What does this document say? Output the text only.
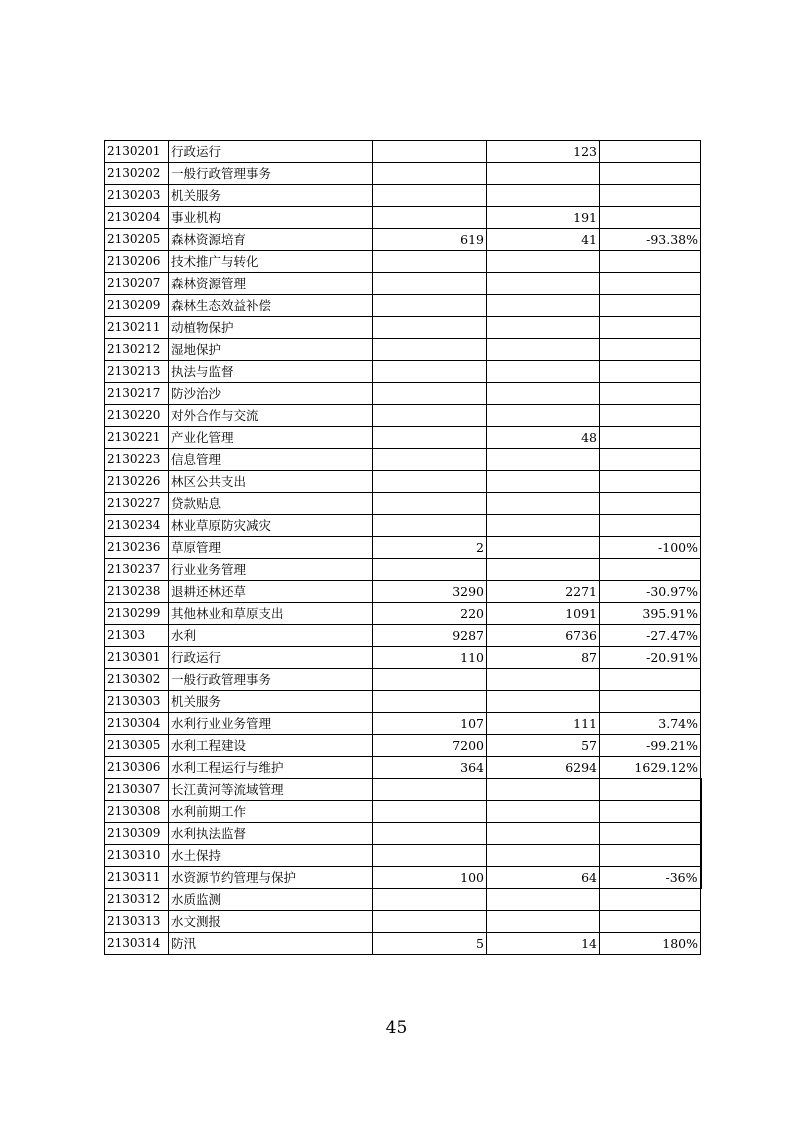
2130201	行政运行		123	
2130202	一般行政管理事务			
2130203	机关服务			
2130204	事业机构		191	
2130205	森林资源培育	619	41	-93.38%
2130206	技术推广与转化			
2130207	森林资源管理			
2130209	森林生态效益补偿			
2130211	动植物保护			
2130212	湿地保护			
2130213	执法与监督			
2130217	防沙治沙			
2130220	对外合作与交流			
2130221	产业化管理		48	
2130223	信息管理			
2130226	林区公共支出			
2130227	贷款贴息			
2130234	林业草原防灾减灾			
2130236	草原管理	2		-100%
2130237	行业业务管理			
2130238	退耕还林还草	3290	2271	-30.97%
2130299	其他林业和草原支出	220	1091	395.91%
21303	水利	9287	6736	-27.47%
2130301	行政运行	110	87	-20.91%
2130302	一般行政管理事务			
2130303	机关服务			
2130304	水利行业业务管理	107	111	3.74%
2130305	水利工程建设	7200	57	-99.21%
2130306	水利工程运行与维护	364	6294	1629.12%
2130307	长江黄河等流域管理			
2130308	水利前期工作			
2130309	水利执法监督			
2130310	水土保持			
2130311	水资源节约管理与保护	100	64	-36%
2130312	水质监测			
2130313	水文测报			
2130314	防汛	5	14	180%
45
